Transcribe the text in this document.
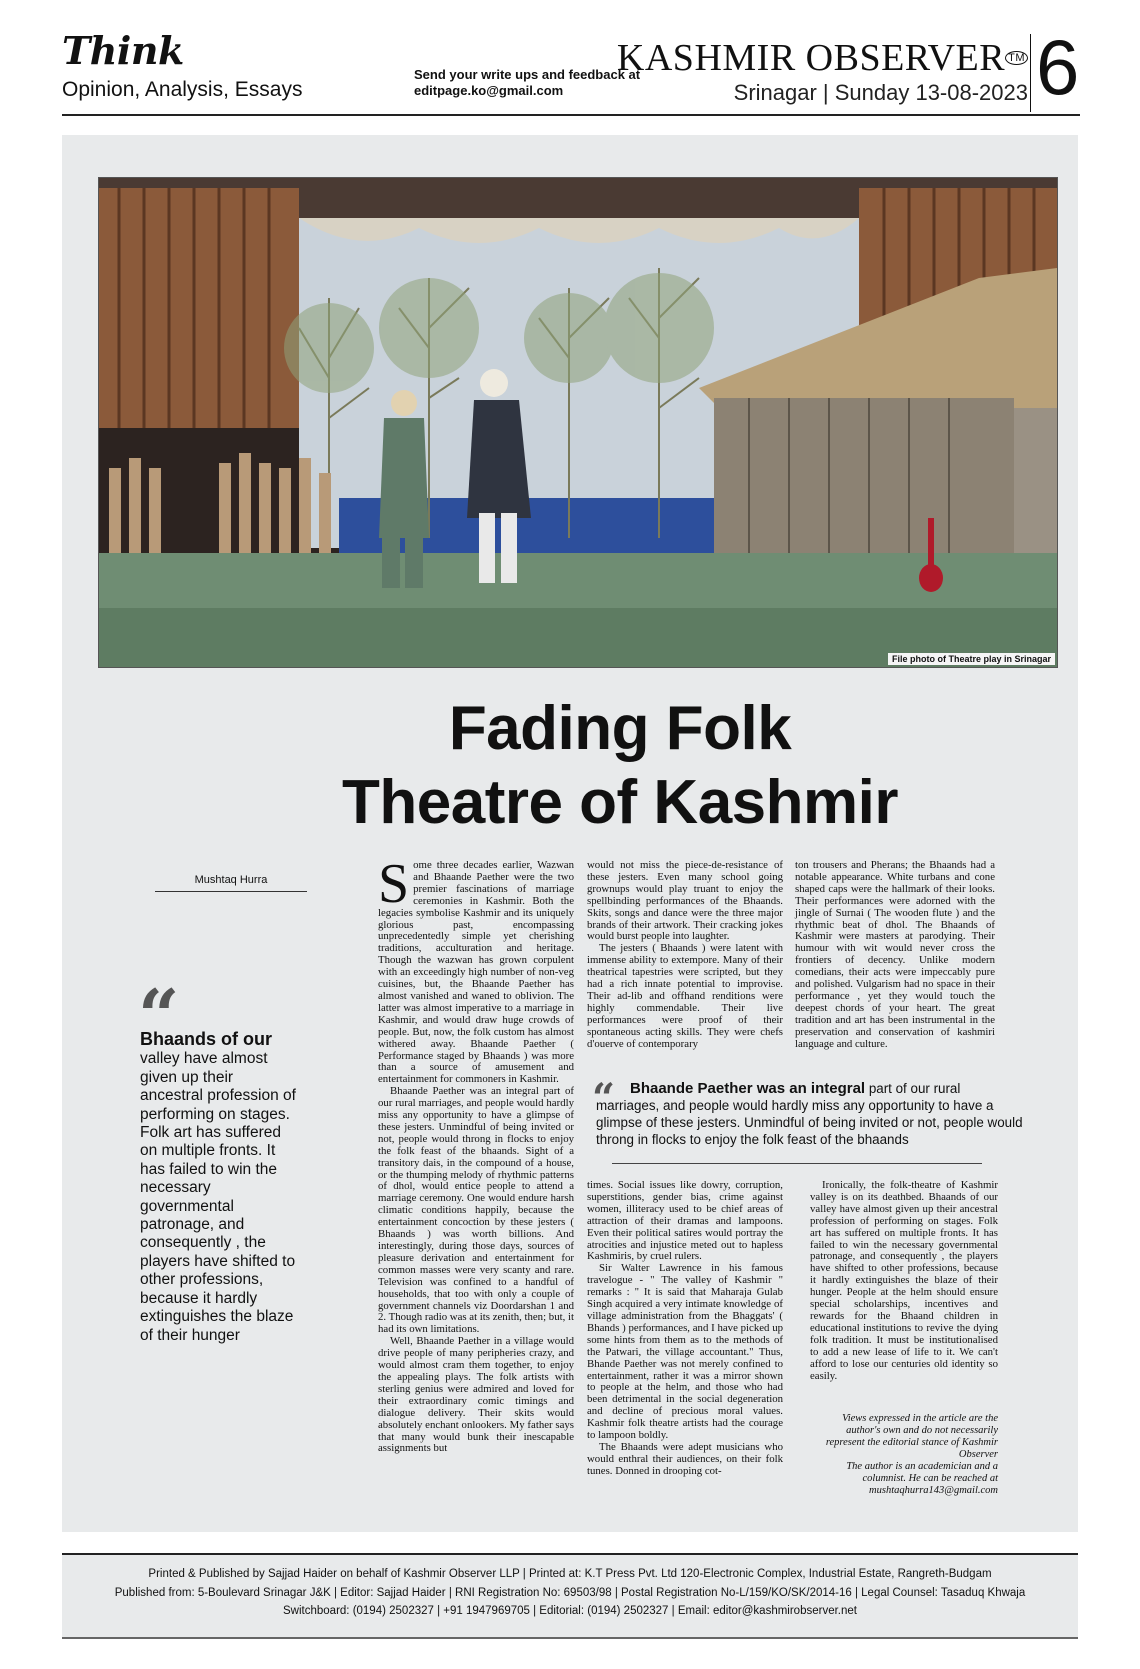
Think
Opinion, Analysis, Essays
Send your write ups and feedback at
editpage.ko@gmail.com
KASHMIR OBSERVER ™
Srinagar | Sunday 13-08-2023 6
File photo of Theatre play in Srinagar
Fading Folk
Theatre of Kashmir
Mushtaq Hurra
“
Bhaands of our valley have almost given up their ancestral profession of performing on stages. Folk art has suffered on multiple fronts. It has failed to win the necessary governmental patronage, and consequently , the players have shifted to other professions, because it hardly extinguishes the blaze of their hunger

Some three decades earlier, Wazwan and Bhaande Paether were the two premier fascinations of marriage ceremonies in Kashmir. Both the legacies symbolise Kashmir and its uniquely glorious past, encompassing unprecedentedly simple yet cherishing traditions, acculturation and heritage. Though the wazwan has grown corpulent with an exceedingly high number of non-veg cuisines, but, the Bhaande Paether has almost vanished and waned to oblivion. The latter was almost imperative to a marriage in Kashmir, and would draw huge crowds of people. But, now, the folk custom has almost withered away. Bhaande Paether ( Performance staged by Bhaands ) was more than a source of amusement and entertainment for commoners in Kashmir.

Bhaande Paether was an integral part of our rural marriages, and people would hardly miss any opportunity to have a glimpse of these jesters. Unmindful of being invited or not, people would throng in flocks to enjoy the folk feast of the bhaands. Sight of a transitory dais, in the compound of a house, or the thumping melody of rhythmic patterns of dhol, would entice people to attend a marriage ceremony. One would endure harsh climatic conditions happily, because the entertainment concoction by these jesters ( Bhaands ) was worth billions. And interestingly, during those days, sources of pleasure derivation and entertainment for common masses were very scanty and rare. Television was confined to a handful of households, that too with only a couple of government channels viz Doordarshan 1 and 2. Though radio was at its zenith, then; but, it had its own limitations.

Well, Bhaande Paether in a village would drive people of many peripheries crazy, and would almost cram them together, to enjoy the appealing plays. The folk artists with sterling genius were admired and loved for their extraordinary comic timings and dialogue delivery. Their skits would absolutely enchant onlookers. My father says that many would bunk their inescapable assignments but

would not miss the piece-de-resistance of these jesters. Even many school going grownups would play truant to enjoy the spellbinding performances of the Bhaands. Skits, songs and dance were the three major brands of their artwork. Their cracking jokes would burst people into laughter.

The jesters ( Bhaands ) were latent with immense ability to extempore. Many of their theatrical tapestries were scripted, but they had a rich innate potential to improvise. Their ad-lib and offhand renditions were highly commendable. Their live performances were proof of their spontaneous acting skills. They were chefs d'ouerve of contemporary

ton trousers and Pherans; the Bhaands had a notable appearance. White turbans and cone shaped caps were the hallmark of their looks. Their performances were adorned with the jingle of Surnai ( The wooden flute ) and the rhythmic beat of dhol. The Bhaands of Kashmir were masters at parodying. Their humour with wit would never cross the frontiers of decency. Unlike modern comedians, their acts were impeccably pure and polished. Vulgarism had no space in their performance , yet they would touch the deepest chords of your heart. The great tradition and art has been instrumental in the preservation and conservation of kashmiri language and culture.

“ Bhaande Paether was an integral part of our rural marriages, and people would hardly miss any opportunity to have a glimpse of these jesters. Unmindful of being invited or not, people would throng in flocks to enjoy the folk feast of the bhaands

times. Social issues like dowry, corruption, superstitions, gender bias, crime against women, illiteracy used to be chief areas of attraction of their dramas and lampoons. Even their political satires would portray the atrocities and injustice meted out to hapless Kashmiris, by cruel rulers.

Sir Walter Lawrence in his famous travelogue - " The valley of Kashmir " remarks : " It is said that Maharaja Gulab Singh acquired a very intimate knowledge of village administration from the Bhaggats' ( Bhands ) performances, and I have picked up some hints from them as to the methods of the Patwari, the village accountant." Thus, Bhande Paether was not merely confined to entertainment, rather it was a mirror shown to people at the helm, and those who had been detrimental in the social degeneration and decline of precious moral values. Kashmir folk theatre artists had the courage to lampoon boldly.

The Bhaands were adept musicians who would enthral their audiences, on their folk tunes. Donned in drooping cot-

Ironically, the folk-theatre of Kashmir valley is on its deathbed. Bhaands of our valley have almost given up their ancestral profession of performing on stages. Folk art has suffered on multiple fronts. It has failed to win the necessary governmental patronage, and consequently , the players have shifted to other professions, because it hardly extinguishes the blaze of their hunger. People at the helm should ensure special scholarships, incentives and rewards for the Bhaand children in educational institutions to revive the dying folk tradition. It must be institutionalised to add a new lease of life to it. We can't afford to lose our centuries old identity so easily.

Views expressed in the article are the author's own and do not necessarily represent the editorial stance of Kashmir Observer
The author is an academician and a columnist. He can be reached at mushtaqhurra143@gmail.com
Printed & Published by Sajjad Haider on behalf of Kashmir Observer LLP | Printed at: K.T Press Pvt. Ltd 120-Electronic Complex, Industrial Estate, Rangreth-Budgam
Published from: 5-Boulevard Srinagar J&K | Editor: Sajjad Haider | RNI Registration No: 69503/98 | Postal Registration No-L/159/KO/SK/2014-16 | Legal Counsel: Tasaduq Khwaja
Switchboard: (0194) 2502327 | +91 1947969705 | Editorial: (0194) 2502327 | Email: editor@kashmirobserver.net
